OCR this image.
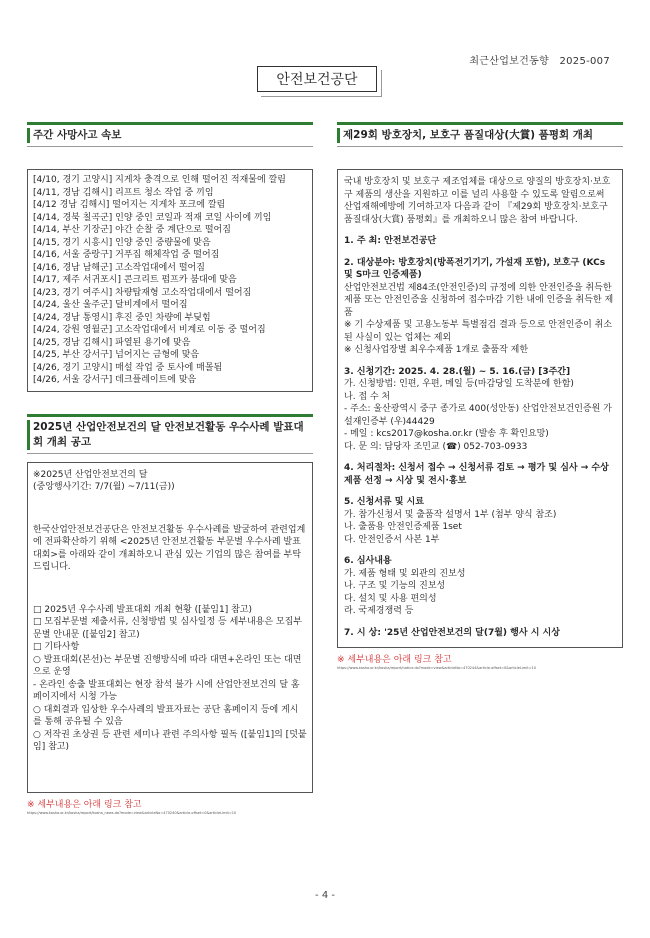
최근산업보건동향 2025-007
안전보건공단
주간 사망사고 속보

[4/10, 경기 고양시] 지게차 충격으로 인해 떨어진 적재물에 깔림

[4/11, 경남 김해시] 리프트 청소 작업 중 끼임

[4/12 경남 김해시] 떨어지는 지게차 포크에 깔림

[4/14, 경북 칠곡군] 인양 중인 코일과 적재 코일 사이에 끼임

[4/14, 부산 기장군] 야간 순찰 중 계단으로 떨어짐

[4/15, 경기 시흥시] 인양 중인 중량물에 맞음

[4/16, 서울 중랑구] 거푸집 해체작업 중 떨어짐

[4/16, 경남 남해군] 고소작업대에서 떨어짐

[4/17, 제주 서귀포시] 콘크리트 펌프카 붐대에 맞음

[4/23, 경기 여주시] 차량탑재형 고소작업대에서 떨어짐

[4/24, 울산 울주군] 달비계에서 떨어짐

[4/24, 경남 통영시] 후진 중인 차량에 부딪힘

[4/24, 강원 영월군] 고소작업대에서 비계로 이동 중 떨어짐

[4/25, 경남 김해시] 파열된 용기에 맞음

[4/25, 부산 강서구] 넘어지는 금형에 맞음

[4/26, 경기 고양시] 매설 작업 중 토사에 매몰됨

[4/26, 서울 강서구] 데크플레이트에 맞음

2025년 산업안전보건의 달 안전보건활동 우수사례 발표대회 개최 공고

※2025년 산업안전보건의 달

(중앙행사기간: 7/7(월) ~7/11(금))

한국산업안전보건공단은 안전보건활동 우수사례를 발굴하여 관련업계에 전파확산하기 위해 <2025년 안전보건활동 부문별 우수사례 발표대회>를 아래와 같이 개최하오니 관심 있는 기업의 많은 참여를 부탁드립니다.

□ 2025년 우수사례 발표대회 개최 현황 ([붙임1] 참고)

□ 모집부문별 제출서류, 신청방법 및 심사일정 등 세부내용은 모집부문별 안내문 ([붙임2] 참고)

□ 기타사항

○ 발표대회(본선)는 부문별 진행방식에 따라 대면+온라인 또는 대면으로 운영

- 온라인 송출 발표대회는 현장 참석 불가 시에 산업안전보건의 달 홈페이지에서 시청 가능

○ 대회결과 입상한 우수사례의 발표자료는 공단 홈페이지 등에 게시를 통해 공유될 수 있음

○ 저작권 초상권 등 관련 세미나 관련 주의사항 필독 ([붙임1]의 [덧붙임] 참고)

※ 세부내용은 아래 링크 참고
https://www.kosha.or.kr/kosha/report/kosha_news.do?mode=view&articleNo=470240&article.offset=0&articleLimit=10
제29회 방호장치, 보호구 품질대상(大賞) 품평회 개최

국내 방호장치 및 보호구 제조업체를 대상으로 양질의 방호장치·보호구 제품의 생산을 지원하고 이를 널리 사용할 수 있도록 알림으로써 산업재해예방에 기여하고자 다음과 같이 『제29회 방호장치·보호구 품질대상(大賞) 품평회』를 개최하오니 많은 참여 바랍니다.

1. 주 최: 안전보건공단

2. 대상분야: 방호장치(방폭전기기기, 가설재 포함), 보호구 (KCs 및 S마크 인증제품)

산업안전보건법 제84조(안전인증)의 규정에 의한 안전인증을 취득한 제품 또는 안전인증을 신청하여 접수마감 기한 내에 인증을 취득한 제품

※ 기 수상제품 및 고용노동부 특별점검 결과 등으로 안전인증이 취소된 사실이 있는 업체는 제외

※ 신청사업장별 최우수제품 1개로 출품작 제한

3. 신청기간: 2025. 4. 28.(월) ~ 5. 16.(금) [3주간]

가. 신청방법: 인편, 우편, 메일 등(마감당일 도착분에 한함)

나. 접 수 처

- 주소: 울산광역시 중구 종가로 400(성안동) 산업안전보건인증원 가설재인증부 (우)44429

- 메일 : kcs2017@kosha.or.kr (발송 후 확인요망)

다. 문 의: 담당자 조민교 (☎) 052-703-0933

4. 처리절차: 신청서 접수 → 신청서류 검토 → 평가 및 심사 → 수상제품 선정 → 시상 및 전시·홍보

5. 신청서류 및 시료

가. 참가신청서 및 출품작 설명서 1부 (첨부 양식 참조)

나. 출품용 안전인증제품 1set

다. 안전인증서 사본 1부

6. 심사내용

가. 제품 형태 및 외관의 진보성

나. 구조 및 기능의 진보성

다. 설치 및 사용 편의성

라. 국제경쟁력 등

7. 시 상: '25년 산업안전보건의 달(7월) 행사 시 시상

※ 세부내용은 아래 링크 참고
https://www.kosha.or.kr/kosha/report/notice.do?mode=view&articleNo=470244&article.offset=0&articleLimit=10
- 4 -
